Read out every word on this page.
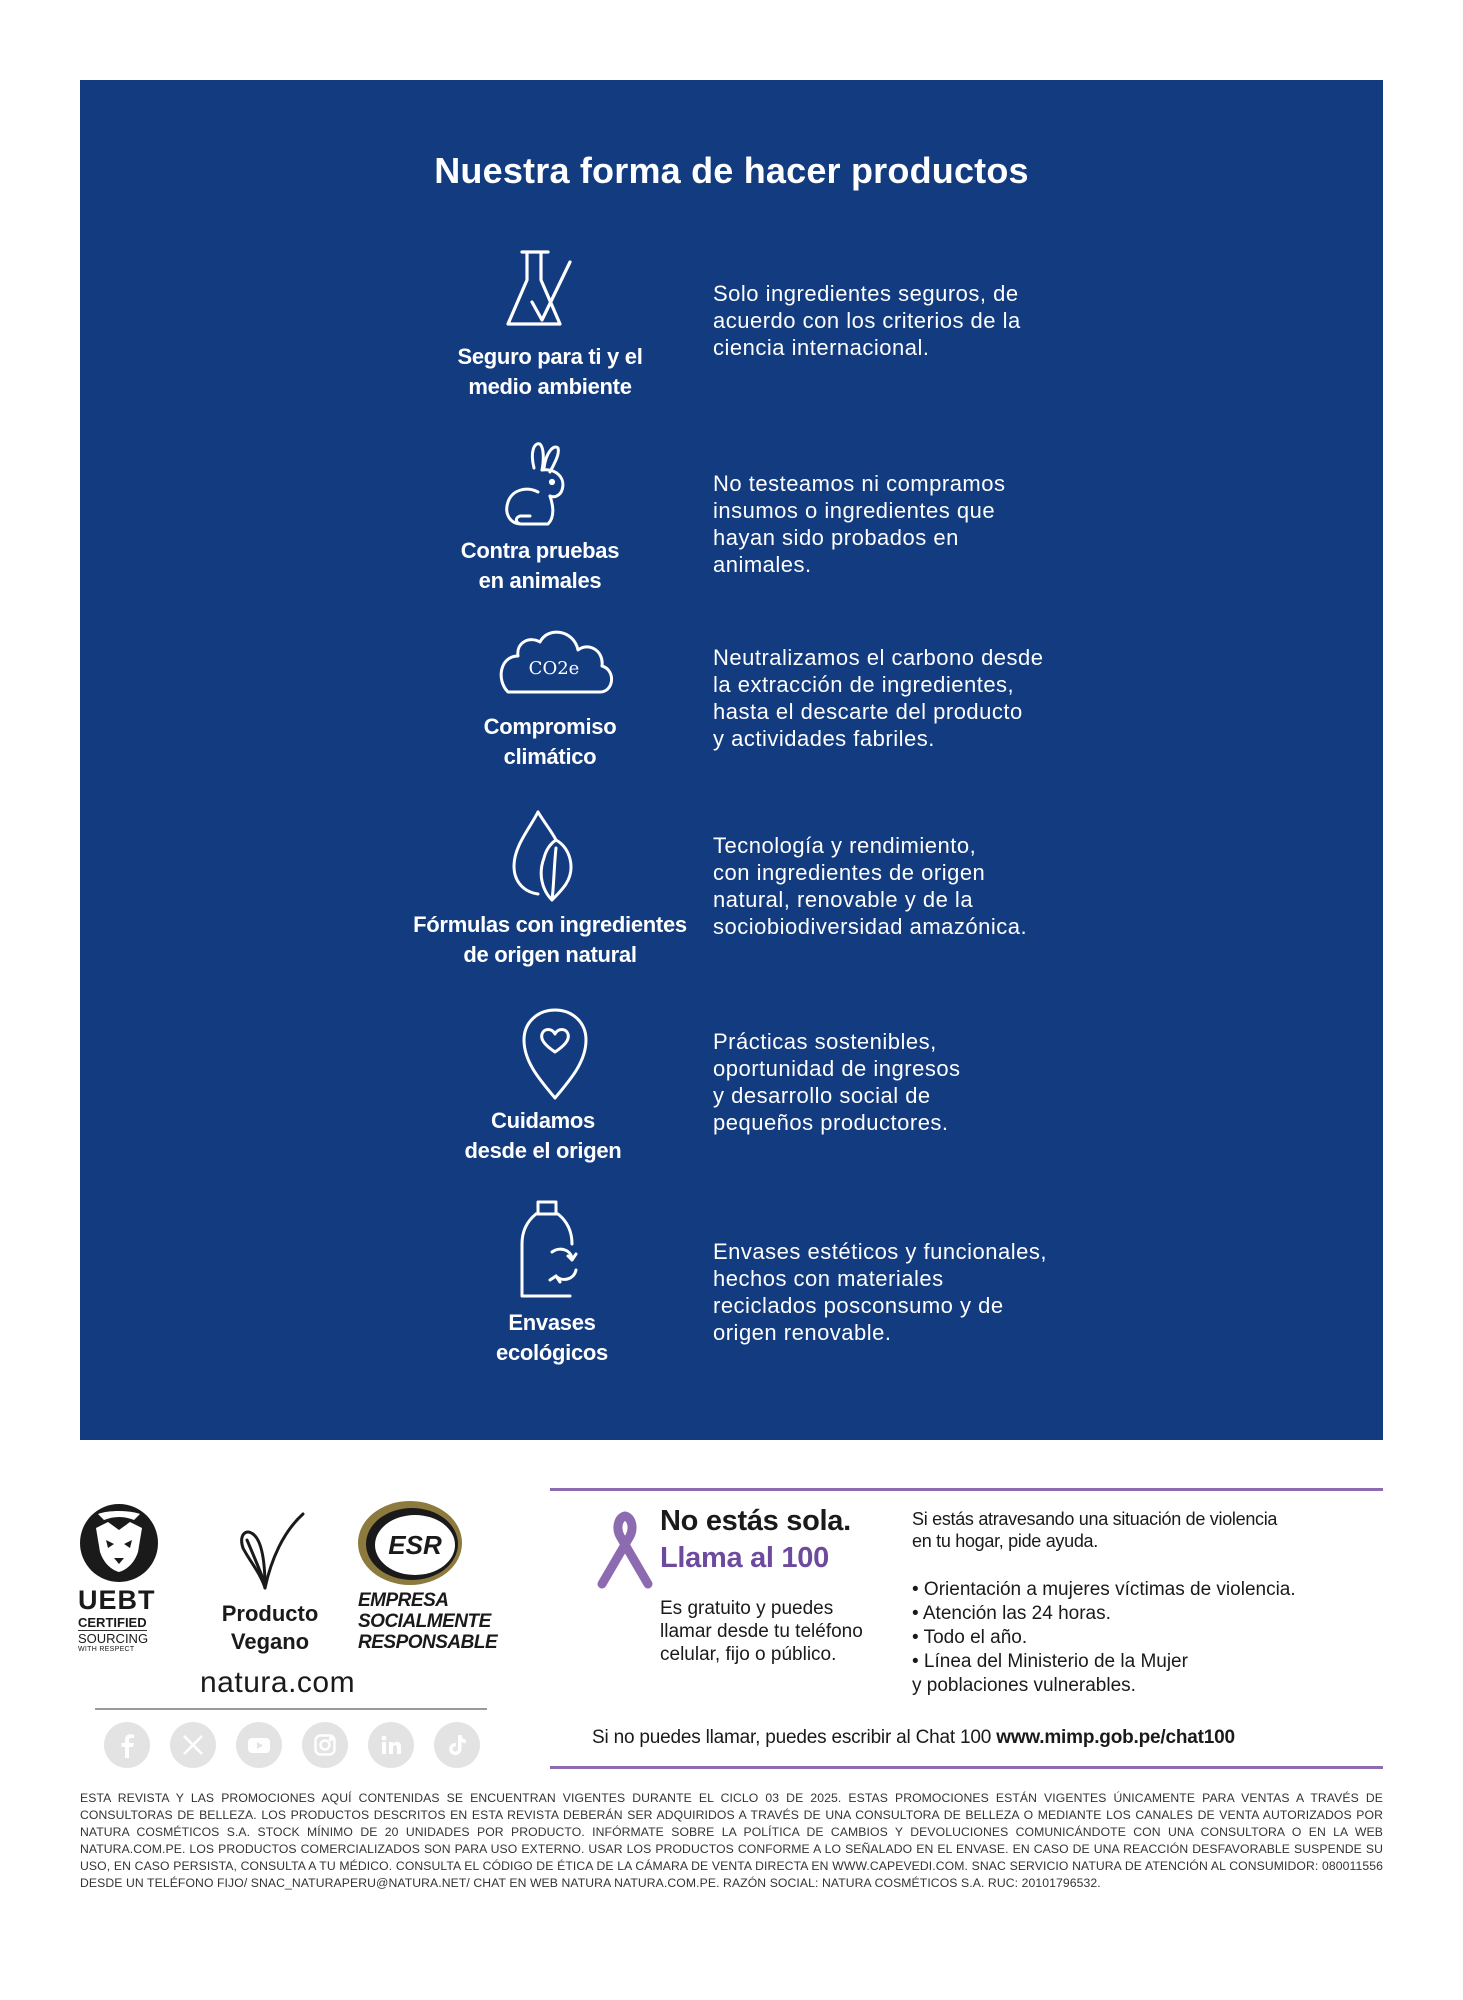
Nuestra forma de hacer productos
Seguro para ti y el
medio ambiente
Solo ingredientes seguros, de
acuerdo con los criterios de la
ciencia internacional.
Contra pruebas
en animales
No testeamos ni compramos
insumos o ingredientes que
hayan sido probados en
animales.
CO2e
Compromiso
climático
Neutralizamos el carbono desde
la extracción de ingredientes,
hasta el descarte del producto
y actividades fabriles.
Fórmulas con ingredientes
de origen natural
Tecnología y rendimiento,
con ingredientes de origen
natural, renovable y de la
sociobiodiversidad amazónica.
Cuidamos
desde el origen
Prácticas sostenibles,
oportunidad de ingresos
y desarrollo social de
pequeños productores.
Envases
ecológicos
Envases estéticos y funcionales,
hechos con materiales
reciclados posconsumo y de
origen renovable.
UEBT
CERTIFIED

SOURCING
WITH RESPECT
Producto
Vegano
ESR
EMPRESA
SOCIALMENTE
RESPONSABLE
natura.com
No estás sola.
Llama al 100
Es gratuito y puedes
llamar desde tu teléfono
celular, fijo o público.
Si estás atravesando una situación de violencia
en tu hogar, pide ayuda.
• Orientación a mujeres víctimas de violencia.
• Atención las 24 horas.
• Todo el año.
• Línea del Ministerio de la Mujer
y poblaciones vulnerables.
Si no puedes llamar, puedes escribir al Chat 100 www.mimp.gob.pe/chat100
ESTA REVISTA Y LAS PROMOCIONES AQUÍ CONTENIDAS SE ENCUENTRAN VIGENTES DURANTE EL CICLO 03 DE 2025. ESTAS PROMOCIONES ESTÁN VIGENTES ÚNICAMENTE PARA VENTAS A TRAVÉS DE CONSULTORAS DE BELLEZA. LOS PRODUCTOS DESCRITOS EN ESTA REVISTA DEBERÁN SER ADQUIRIDOS A TRAVÉS DE UNA CONSULTORA DE BELLEZA O MEDIANTE LOS CANALES DE VENTA AUTORIZADOS POR NATURA COSMÉTICOS S.A. STOCK MÍNIMO DE 20 UNIDADES POR PRODUCTO. INFÓRMATE SOBRE LA POLÍTICA DE CAMBIOS Y DEVOLUCIONES COMUNICÁNDOTE CON UNA CONSULTORA O EN LA WEB NATURA.COM.PE. LOS PRODUCTOS COMERCIALIZADOS SON PARA USO EXTERNO. USAR LOS PRODUCTOS CONFORME A LO SEÑALADO EN EL ENVASE. EN CASO DE UNA REACCIÓN DESFAVORABLE SUSPENDE SU USO, EN CASO PERSISTA, CONSULTA A TU MÉDICO. CONSULTA EL CÓDIGO DE ÉTICA DE LA CÁMARA DE VENTA DIRECTA EN WWW.CAPEVEDI.COM. SNAC SERVICIO NATURA DE ATENCIÓN AL CONSUMIDOR: 080011556 DESDE UN TELÉFONO FIJO/ SNAC_NATURAPERU@NATURA.NET/ CHAT EN WEB NATURA NATURA.COM.PE. RAZÓN SOCIAL: NATURA COSMÉTICOS S.A. RUC: 20101796532.
